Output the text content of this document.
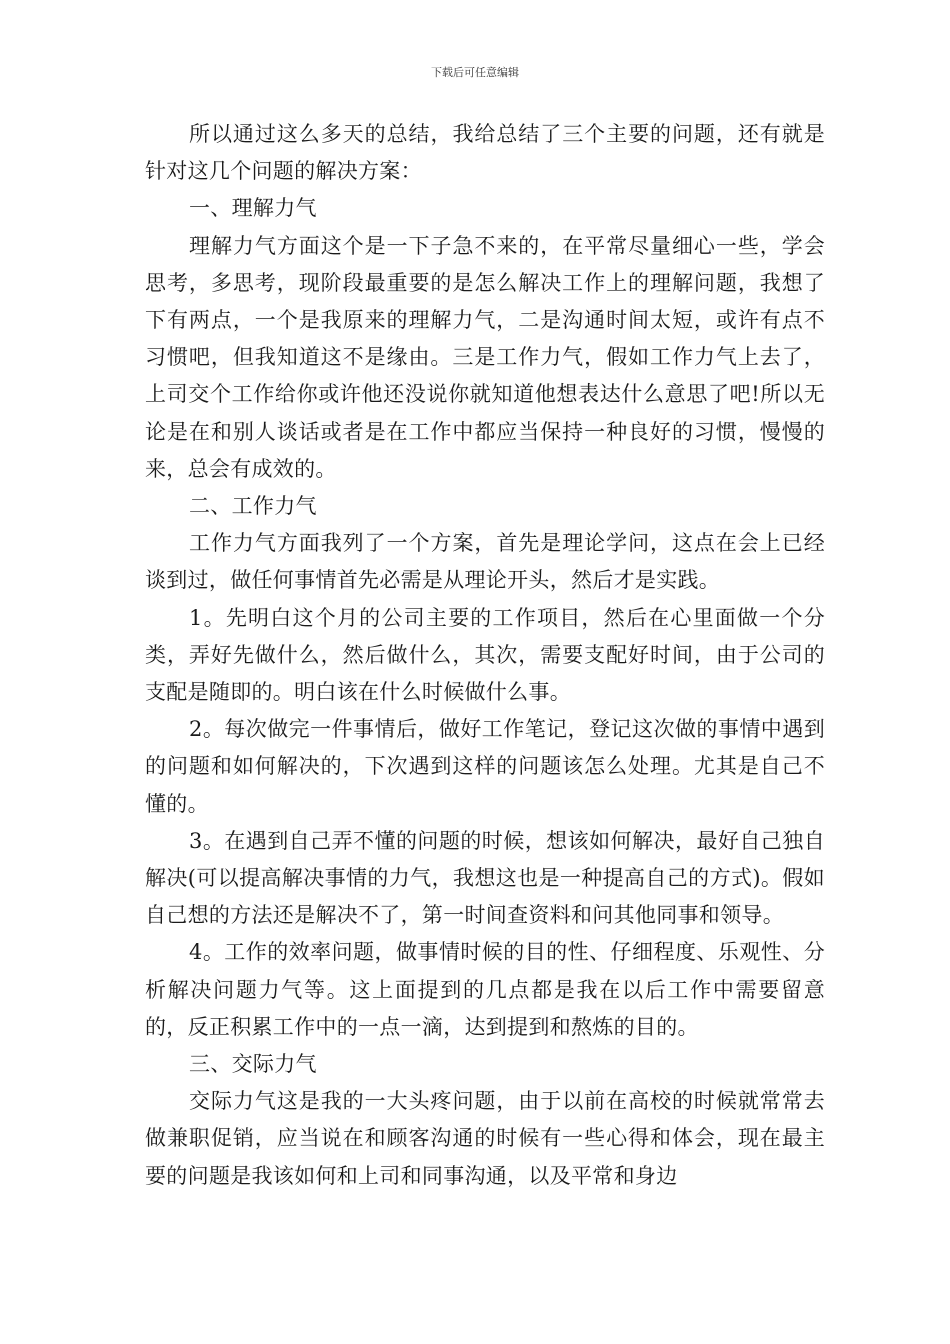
下载后可任意编辑

所以通过这么多天的总结，我给总结了三个主要的问题，还有就是针对这几个问题的解决方案：

一、理解力气

理解力气方面这个是一下子急不来的，在平常尽量细心一些，学会思考，多思考，现阶段最重要的是怎么解决工作上的理解问题，我想了下有两点，一个是我原来的理解力气，二是沟通时间太短，或许有点不习惯吧，但我知道这不是缘由。三是工作力气，假如工作力气上去了，上司交个工作给你或许他还没说你就知道他想表达什么意思了吧!所以无论是在和别人谈话或者是在工作中都应当保持一种良好的习惯，慢慢的来，总会有成效的。

二、工作力气

工作力气方面我列了一个方案，首先是理论学问，这点在会上已经谈到过，做任何事情首先必需是从理论开头，然后才是实践。

1。先明白这个月的公司主要的工作项目，然后在心里面做一个分类，弄好先做什么，然后做什么，其次，需要支配好时间，由于公司的支配是随即的。明白该在什么时候做什么事。

2。每次做完一件事情后，做好工作笔记，登记这次做的事情中遇到的问题和如何解决的，下次遇到这样的问题该怎么处理。尤其是自己不懂的。

3。在遇到自己弄不懂的问题的时候，想该如何解决，最好自己独自解决(可以提高解决事情的力气，我想这也是一种提高自己的方式)。假如自己想的方法还是解决不了，第一时间查资料和问其他同事和领导。

4。工作的效率问题，做事情时候的目的性、仔细程度、乐观性、分析解决问题力气等。这上面提到的几点都是我在以后工作中需要留意的，反正积累工作中的一点一滴，达到提到和熬炼的目的。

三、交际力气

交际力气这是我的一大头疼问题，由于以前在高校的时候就常常去做兼职促销，应当说在和顾客沟通的时候有一些心得和体会，现在最主要的问题是我该如何和上司和同事沟通，以及平常和身边
